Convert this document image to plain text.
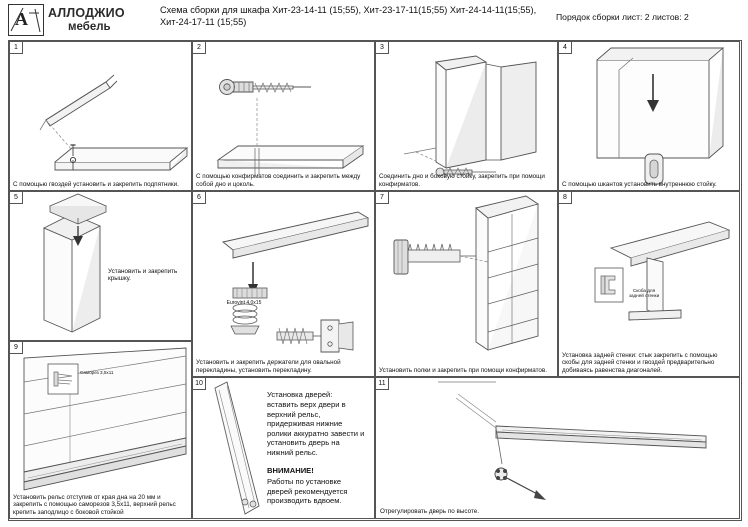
А АЛЛОДЖИО
мебель
Схема сборки для шкафа Хит-23-14-11 (15;55), Хит-23-17-11(15;55) Хит-24-14-11(15;55), Хит-24-17-11 (15;55)	Порядок сборки лист: 2 листов: 2
1
С помощью гвоздей установить и закрепить подпятники.
2
С помощью конфирматов соединить и закрепить между собой дно и цоколь.
3
Соединить дно и боковую стойку, закрепить при помощи конфирматов.
4
С помощью шкантов установить внутреннюю стойку.
5
Установить и закрепить крышку.
6
Eurovint 4,0x15
Установить и закрепить держатели для овальной перекладины, установить перекладину.
7
Установить полки и закрепить при помощи конфирматов.
8
Скоба для задней стенки
Установка задней стенки: стык закрепить с помощью скобы для задней стенки и гвоздей предварительно добиваясь равенства диагоналей.
9
Саморез 3,5х11
Установить рельс отступив от края дна на 20 мм и закрепить с помощью саморезов 3,5х11, верхний рельс крепить заподлицо с боковой стойкой
10
Установка дверей:
вставить верх двери в верхний рельс, придерживая нижние ролики аккуратно завести и установить дверь на нижний рельс.
ВНИМАНИЕ!
Работы по установке дверей рекомендуется производить вдвоем.
11
Отрегулировать дверь по высоте.
